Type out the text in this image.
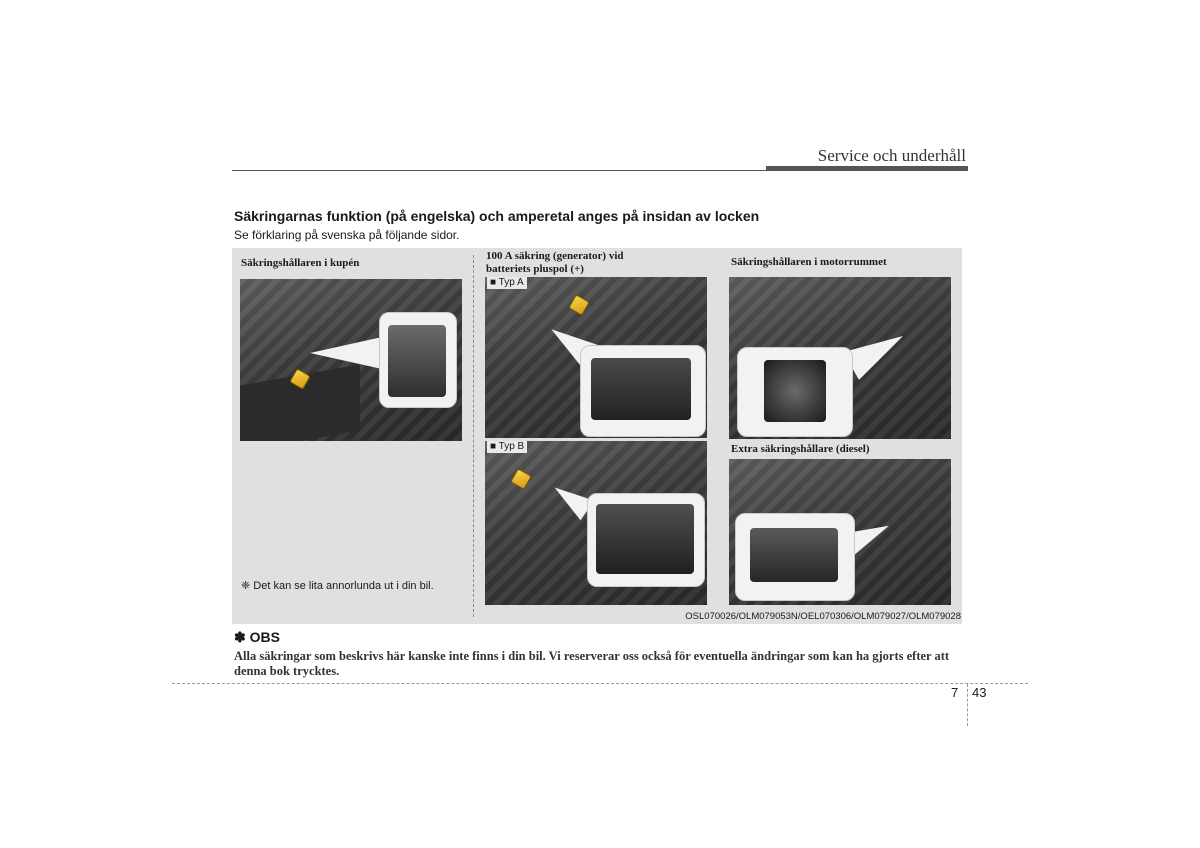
Service och underhåll
Säkringarnas funktion (på engelska) och amperetal anges på insidan av locken
Se förklaring på svenska på följande sidor.
Säkringshållaren i kupén
❈ Det kan se lita annorlunda ut i din bil.
100 A säkring (generator) vid batteriets pluspol (+)
■ Typ A
■ Typ B
Säkringshållaren i motorrummet
Extra säkringshållare (diesel)
OSL070026/OLM079053N/OEL070306/OLM079027/OLM079028
✽ OBS
Alla säkringar som beskrivs här kanske inte finns i din bil. Vi reserverar oss också för eventuella ändringar som kan ha gjorts efter att denna bok trycktes.
7 43
